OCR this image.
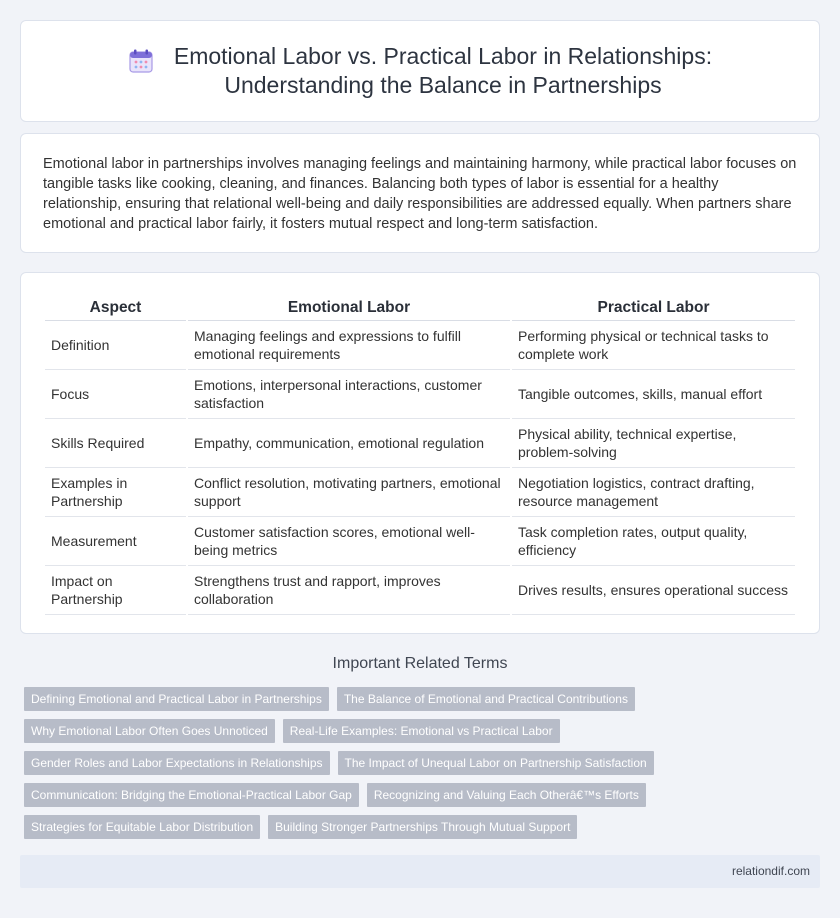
Emotional Labor vs. Practical Labor in Relationships:
Understanding the Balance in Partnerships

Emotional labor in partnerships involves managing feelings and maintaining harmony, while practical labor focuses on tangible tasks like cooking, cleaning, and finances. Balancing both types of labor is essential for a healthy relationship, ensuring that relational well-being and daily responsibilities are addressed equally. When partners share emotional and practical labor fairly, it fosters mutual respect and long-term satisfaction.

Aspect	Emotional Labor	Practical Labor
Definition	Managing feelings and expressions to fulfill emotional requirements	Performing physical or technical tasks to complete work
Focus	Emotions, interpersonal interactions, customer satisfaction	Tangible outcomes, skills, manual effort
Skills Required	Empathy, communication, emotional regulation	Physical ability, technical expertise, problem-solving
Examples in Partnership	Conflict resolution, motivating partners, emotional support	Negotiation logistics, contract drafting, resource management
Measurement	Customer satisfaction scores, emotional well-being metrics	Task completion rates, output quality, efficiency
Impact on Partnership	Strengthens trust and rapport, improves collaboration	Drives results, ensures operational success
Important Related Terms
Defining Emotional and Practical Labor in Partnerships	The Balance of Emotional and Practical Contributions
Why Emotional Labor Often Goes Unnoticed	Real-Life Examples: Emotional vs Practical Labor
Gender Roles and Labor Expectations in Relationships	The Impact of Unequal Labor on Partnership Satisfaction
Communication: Bridging the Emotional-Practical Labor Gap	Recognizing and Valuing Each Otherâ€™s Efforts
Strategies for Equitable Labor Distribution	Building Stronger Partnerships Through Mutual Support
relationdif.com
